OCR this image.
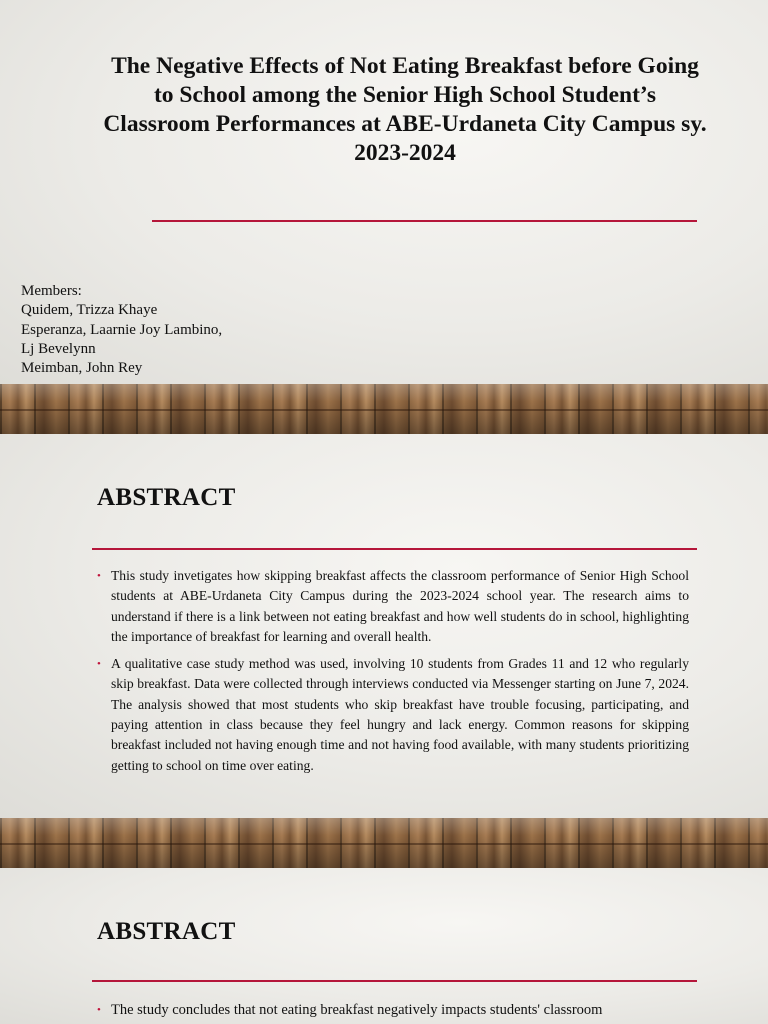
The Negative Effects of Not Eating Breakfast before Going to School among the Senior High School Student’s Classroom Performances at ABE-Urdaneta City Campus sy. 2023-2024
Members:
Quidem, Trizza Khaye
Esperanza, Laarnie Joy Lambino,
Lj Bevelynn
Meimban, John Rey
ABSTRACT
• This study invetigates how skipping breakfast affects the classroom performance of Senior High School students at ABE-Urdaneta City Campus during the 2023-2024 school year. The research aims to understand if there is a link between not eating breakfast and how well students do in school, highlighting the importance of breakfast for learning and overall health.
• A qualitative case study method was used, involving 10 students from Grades 11 and 12 who regularly skip breakfast. Data were collected through interviews conducted via Messenger starting on June 7, 2024. The analysis showed that most students who skip breakfast have trouble focusing, participating, and paying attention in class because they feel hungry and lack energy. Common reasons for skipping breakfast included not having enough time and not having food available, with many students prioritizing getting to school on time over eating.
ABSTRACT
• The study concludes that not eating breakfast negatively impacts students' classroom
